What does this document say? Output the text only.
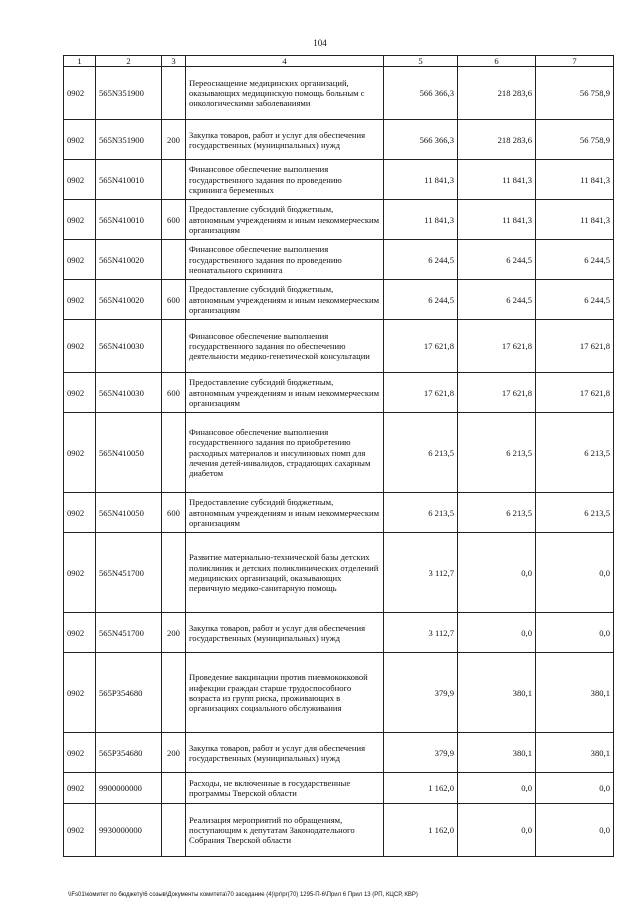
104
1	2	3	4	5	6	7
0902	565N351900		Переоснащение медицинских организаций, оказывающих медицинскую помощь больным с онкологическими заболеваниями	566 366,3	218 283,6	56 758,9
0902	565N351900	200	Закупка товаров, работ и услуг для обеспечения государственных (муниципальных) нужд	566 366,3	218 283,6	56 758,9
0902	565N410010		Финансовое обеспечение выполнения государственного задания по проведению скрининга беременных	11 841,3	11 841,3	11 841,3
0902	565N410010	600	Предоставление субсидий бюджетным, автономным учреждениям и иным некоммерческим организациям	11 841,3	11 841,3	11 841,3
0902	565N410020		Финансовое обеспечение выполнения государственного задания по проведению неонатального скрининга	6 244,5	6 244,5	6 244,5
0902	565N410020	600	Предоставление субсидий бюджетным, автономным учреждениям и иным некоммерческим организациям	6 244,5	6 244,5	6 244,5
0902	565N410030		Финансовое обеспечение выполнения государственного задания по обеспечению деятельности медико-генетической консультации	17 621,8	17 621,8	17 621,8
0902	565N410030	600	Предоставление субсидий бюджетным, автономным учреждениям и иным некоммерческим организациям	17 621,8	17 621,8	17 621,8
0902	565N410050		Финансовое обеспечение выполнения государственного задания по приобретению расходных материалов и инсулиновых помп для лечения детей-инвалидов, страдающих сахарным диабетом	6 213,5	6 213,5	6 213,5
0902	565N410050	600	Предоставление субсидий бюджетным, автономным учреждениям и иным некоммерческим организациям	6 213,5	6 213,5	6 213,5
0902	565N451700		Развитие материально-технической базы детских поликлиник и детских поликлинических отделений медицинских организаций, оказывающих первичную медико-санитарную помощь	3 112,7	0,0	0,0
0902	565N451700	200	Закупка товаров, работ и услуг для обеспечения государственных (муниципальных) нужд	3 112,7	0,0	0,0
0902	565P354680		Проведение вакцинации против пневмококковой инфекции граждан старше трудоспособного возраста из групп риска, проживающих в организациях социального обслуживания	379,9	380,1	380,1
0902	565P354680	200	Закупка товаров, работ и услуг для обеспечения государственных (муниципальных) нужд	379,9	380,1	380,1
0902	9900000000		Расходы, не включенные в государственные программы Тверской области	1 162,0	0,0	0,0
0902	9930000000		Реализация мероприятий по обращениям, поступающим к депутатам Законодательного Собрания Тверской области	1 162,0	0,0	0,0
\\Fs01\комитет по бюджету\6 созыв\Документы комитета\70 заседание (4)\pr\pr(70) 1295-П-6\Прил 6 Прил 13 (РП, КЦСР, КВР)
